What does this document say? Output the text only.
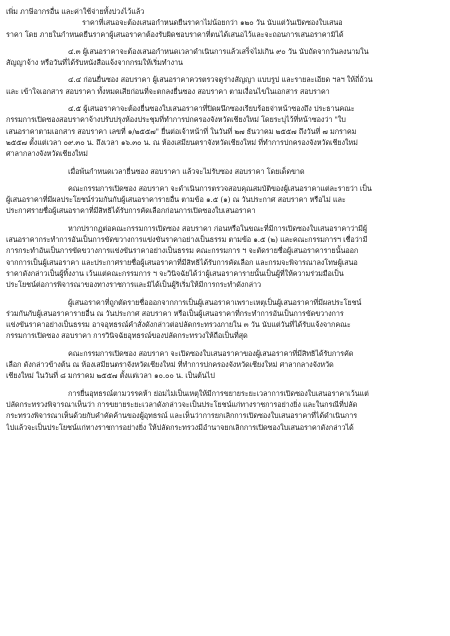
เพิ่ม ภาษีอากรอื่น และค่าใช้จ่ายทั้งปวงไว้แล้ว
ราคาที่เสนอจะต้องเสนอกำหนดยืนราคาไม่น้อยกว่า ๑๒๐ วัน นับแต่วันเปิดซองใบเสนอ
ราคา โดย ภายในกำหนดยืนราคาผู้เสนอราคาต้องรับผิดชอบราคาที่ตนได้เสนอไว้และจะถอนการเสนอราคามิได้
๔.๓ ผู้เสนอราคาจะต้องเสนอกำหนดเวลาดำเนินการแล้วเสร็จไม่เกิน ๙๐ วัน นับถัดจากวันลงนามใน
สัญญาจ้าง หรือวันที่ได้รับหนังสือแจ้งจากกรมให้เริ่มทำงาน
๔.๔ ก่อนยื่นซอง สอบราคา ผู้เสนอราคาควรตรวจดูร่างสัญญา แบบรูป และรายละเอียด ฯลฯ ให้ถี่ถ้วน
และ เข้าใจเอกสาร สอบราคา ทั้งหมดเสียก่อนที่จะตกลงยื่นซอง สอบราคา ตามเงื่อนไขในเอกสาร สอบราคา
๔.๕ ผู้เสนอราคาจะต้องยื่นซองใบเสนอราคาที่ปิดผนึกซองเรียบร้อยจ่าหน้าซองถึง ประธานคณะ
กรรมการเปิดซองสอบราคาจ้างปรับปรุงห้องประชุมที่ทำการปกครองจังหวัดเชียงใหม่ โดยระบุไว้ที่หน้าซองว่า "ใบ
เสนอราคาตามเอกสาร สอบราคา เลขที่ ๑/๒๕๕๗" ยื่นต่อเจ้าหน้าที่ ในวันที่ ๒๗ ธันวาคม ๒๕๕๗ ถึงวันที่ ๗ มกราคม
๒๕๕๗ ตั้งแต่เวลา ๐๙.๓๐ น. ถึงเวลา ๑๖.๓๐ น. ณ ห้องเสมียนตราจังหวัดเชียงใหม่ ที่ทำการปกครองจังหวัดเชียงใหม่
ศาลากลางจังหวัดเชียงใหม่
เมื่อพ้นกำหนดเวลายื่นซอง สอบราคา แล้วจะไม่รับซอง สอบราคา โดยเด็ดขาด
คณะกรรมการเปิดซอง สอบราคา จะดำเนินการตรวจสอบคุณสมบัติของผู้เสนอราคาแต่ละรายว่า เป็น
ผู้เสนอราคาที่มีผลประโยชน์ร่วมกันกับผู้เสนอราคารายอื่น ตามข้อ ๑.๕ (๑) ณ วันประกาศ สอบราคา หรือไม่ และ
ประกาศรายชื่อผู้เสนอราคาที่มีสิทธิได้รับการคัดเลือกก่อนการเปิดซองใบเสนอราคา
หากปรากฏต่อคณะกรรมการเปิดซอง สอบราคา ก่อนหรือในขณะที่มีการเปิดซองใบเสนอราคาว่ามีผู้
เสนอราคากระทำการอันเป็นการขัดขวางการแข่งขันราคาอย่างเป็นธรรม ตามข้อ ๑.๕ (๒) และคณะกรรมการฯ เชื่อว่ามี
การกระทำอันเป็นการขัดขวางการแข่งขันราคาอย่างเป็นธรรม คณะกรรมการ ฯ จะตัดรายชื่อผู้เสนอราคารายนั้นออก
จากการเป็นผู้เสนอราคา และประกาศรายชื่อผู้เสนอราคาที่มีสิทธิได้รับการคัดเลือก และกรมจะพิจารณาลงโทษผู้เสนอ
ราคาดังกล่าวเป็นผู้ทิ้งงาน เว้นแต่คณะกรรมการ ฯ จะวินิจฉัยได้ว่าผู้เสนอราคารายนั้นเป็นผู้ที่ให้ความร่วมมือเป็น
ประโยชน์ต่อการพิจารณาของทางราชการและมิได้เป็นผู้ริเริ่มให้มีการกระทำดังกล่าว
ผู้เสนอราคาที่ถูกตัดรายชื่อออกจากการเป็นผู้เสนอราคาเพราะเหตุเป็นผู้เสนอราคาที่มีผลประโยชน์
ร่วมกันกับผู้เสนอราคารายอื่น ณ วันประกาศ สอบราคา หรือเป็นผู้เสนอราคาที่กระทำการอันเป็นการขัดขวางการ
แข่งขันราคาอย่างเป็นธรรม อาจอุทธรณ์คำสั่งดังกล่าวต่อปลัดกระทรวงภายใน ๓ วัน นับแต่วันที่ได้รับแจ้งจากคณะ
กรรมการเปิดซอง สอบราคา การวินิจฉัยอุทธรณ์ของปลัดกระทรวงให้ถือเป็นที่สุด
คณะกรรมการเปิดซอง สอบราคา จะเปิดซองใบเสนอราคาของผู้เสนอราคาที่มีสิทธิได้รับการคัด
เลือก ดังกล่าวข้างต้น ณ ห้องเสมียนตราจังหวัดเชียงใหม่ ที่ทำการปกครองจังหวัดเชียงใหม่ ศาลากลางจังหวัด
เชียงใหม่ ในวันที่ ๘ มกราคม ๒๕๕๗ ตั้งแต่เวลา ๑๐.๐๐ น. เป็นต้นไป
การยื่นอุทธรณ์ตามวรรคห้า ย่อมไม่เป็นเหตุให้มีการขยายระยะเวลาการเปิดซองใบเสนอราคาเว้นแต่
ปลัดกระทรวงพิจารณาเห็นว่า การขยายระยะเวลาดังกล่าวจะเป็นประโยชน์แก่ทางราชการอย่างยิ่ง และในกรณีที่ปลัด
กระทรวงพิจารณาเห็นด้วยกับคำคัดค้านของผู้อุทธรณ์ และเห็นว่าการยกเลิกการเปิดซองใบเสนอราคาที่ได้ดำเนินการ
ไปแล้วจะเป็นประโยชน์แก่ทางราชการอย่างยิ่ง ให้ปลัดกระทรวงมีอำนาจยกเลิกการเปิดซองใบเสนอราคาดังกล่าวได้
